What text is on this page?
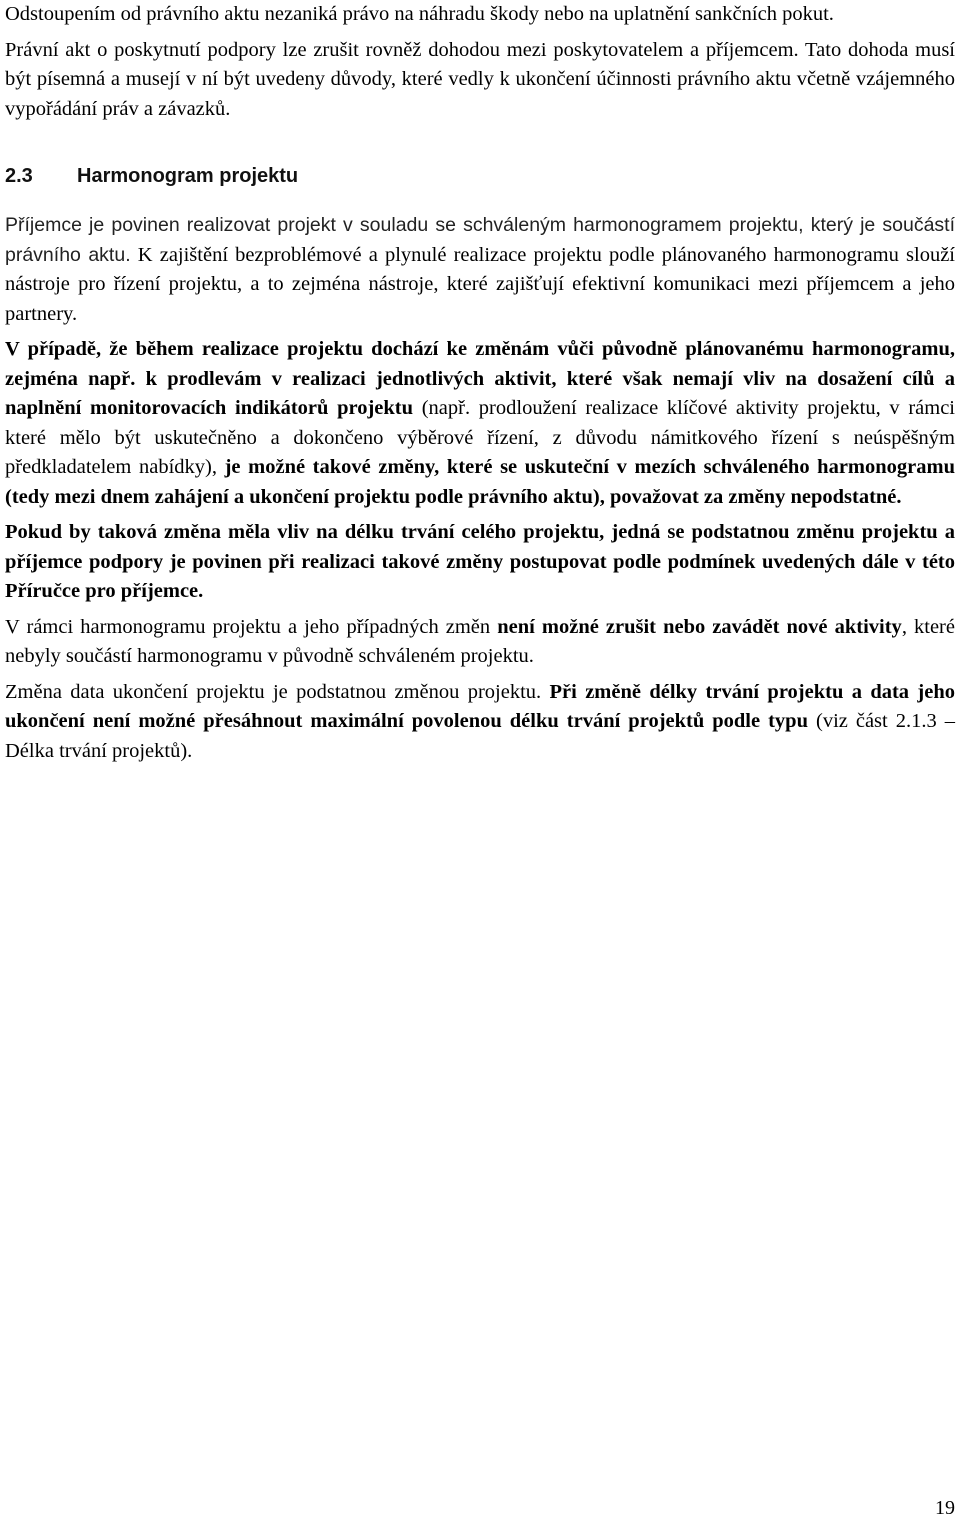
Odstoupením od právního aktu nezaniká právo na náhradu škody nebo na uplatnění sankčních pokut.

Právní akt o poskytnutí podpory lze zrušit rovněž dohodou mezi poskytovatelem a příjemcem. Tato dohoda musí být písemná a musejí v ní být uvedeny důvody, které vedly k ukončení účinnosti právního aktu včetně vzájemného vypořádání práv a závazků.

2.3 Harmonogram projektu

Příjemce je povinen realizovat projekt v souladu se schváleným harmonogramem projektu, který je součástí právního aktu. K zajištění bezproblémové a plynulé realizace projektu podle plánovaného harmonogramu slouží nástroje pro řízení projektu, a to zejména nástroje, které zajišťují efektivní komunikaci mezi příjemcem a jeho partnery.

V případě, že během realizace projektu dochází ke změnám vůči původně plánovanému harmonogramu, zejména např. k prodlevám v realizaci jednotlivých aktivit, které však nemají vliv na dosažení cílů a naplnění monitorovacích indikátorů projektu (např. prodloužení realizace klíčové aktivity projektu, v rámci které mělo být uskutečněno a dokončeno výběrové řízení, z důvodu námitkového řízení s neúspěšným předkladatelem nabídky), je možné takové změny, které se uskuteční v mezích schváleného harmonogramu (tedy mezi dnem zahájení a ukončení projektu podle právního aktu), považovat za změny nepodstatné.

Pokud by taková změna měla vliv na délku trvání celého projektu, jedná se podstatnou změnu projektu a příjemce podpory je povinen při realizaci takové změny postupovat podle podmínek uvedených dále v této Příručce pro příjemce.

V rámci harmonogramu projektu a jeho případných změn není možné zrušit nebo zavádět nové aktivity, které nebyly součástí harmonogramu v původně schváleném projektu.

Změna data ukončení projektu je podstatnou změnou projektu. Při změně délky trvání projektu a data jeho ukončení není možné přesáhnout maximální povolenou délku trvání projektů podle typu (viz část 2.1.3 – Délka trvání projektů).

19
